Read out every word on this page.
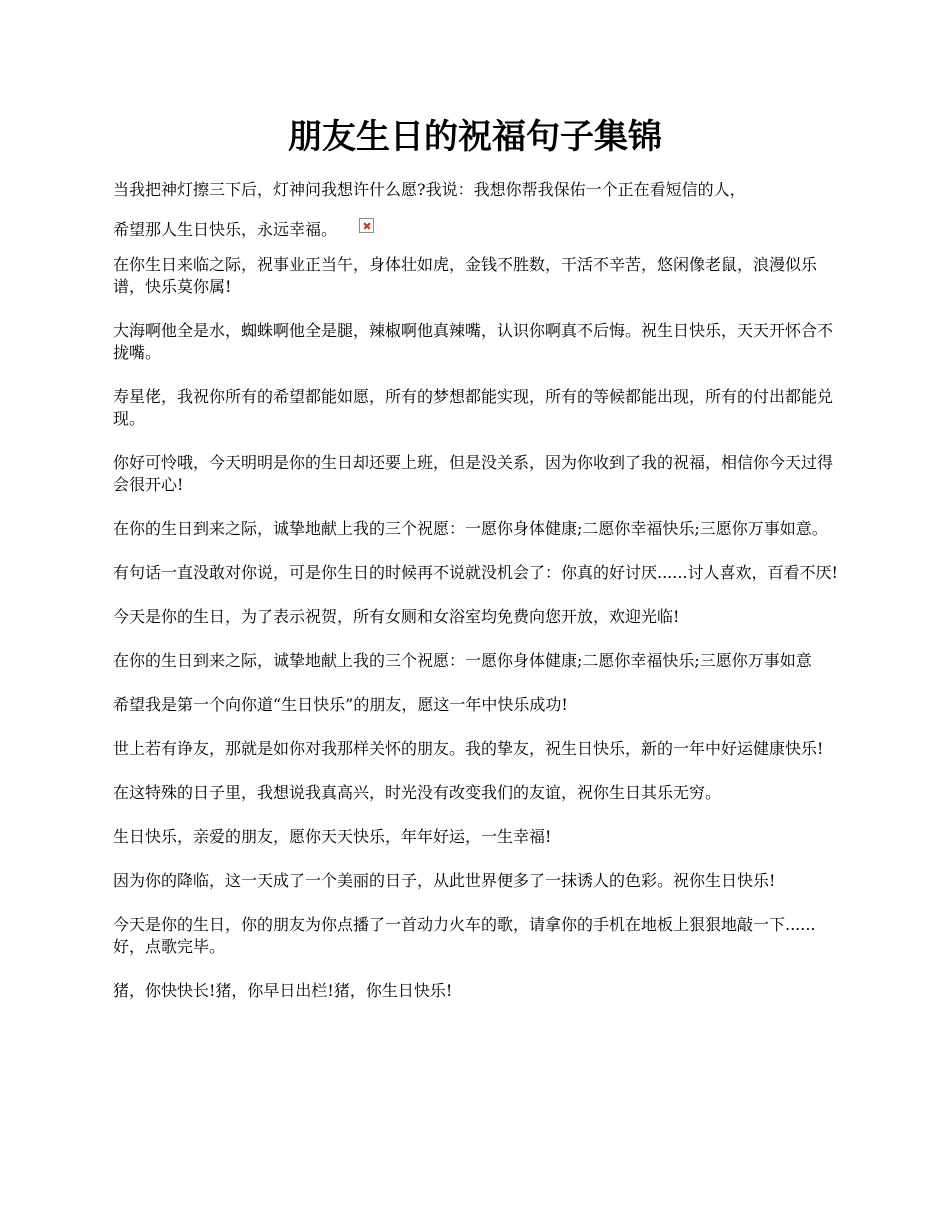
朋友生日的祝福句子集锦

当我把神灯擦三下后，灯神问我想许什么愿?我说：我想你帮我保佑一个正在看短信的人，
希望那人生日快乐，永远幸福。

在你生日来临之际，祝事业正当午，身体壮如虎，金钱不胜数，干活不辛苦，悠闲像老鼠，浪漫似乐谱，快乐莫你属!

大海啊他全是水，蜘蛛啊他全是腿，辣椒啊他真辣嘴，认识你啊真不后悔。祝生日快乐，天天开怀合不拢嘴。

寿星佬，我祝你所有的希望都能如愿，所有的梦想都能实现，所有的等候都能出现，所有的付出都能兑现。

你好可怜哦，今天明明是你的生日却还要上班，但是没关系，因为你收到了我的祝福，相信你今天过得会很开心!

在你的生日到来之际，诚挚地献上我的三个祝愿：一愿你身体健康;二愿你幸福快乐;三愿你万事如意。

有句话一直没敢对你说，可是你生日的时候再不说就没机会了：你真的好讨厌......讨人喜欢，百看不厌!

今天是你的生日，为了表示祝贺，所有女厕和女浴室均免费向您开放，欢迎光临!

在你的生日到来之际，诚挚地献上我的三个祝愿：一愿你身体健康;二愿你幸福快乐;三愿你万事如意

希望我是第一个向你道“生日快乐”的朋友，愿这一年中快乐成功!

世上若有诤友，那就是如你对我那样关怀的朋友。我的挚友，祝生日快乐，新的一年中好运健康快乐!

在这特殊的日子里，我想说我真高兴，时光没有改变我们的友谊，祝你生日其乐无穷。

生日快乐，亲爱的朋友，愿你天天快乐，年年好运，一生幸福!

因为你的降临，这一天成了一个美丽的日子，从此世界便多了一抹诱人的色彩。祝你生日快乐!

今天是你的生日，你的朋友为你点播了一首动力火车的歌，请拿你的手机在地板上狠狠地敲一下......好，点歌完毕。

猪，你快快长!猪，你早日出栏!猪，你生日快乐!
